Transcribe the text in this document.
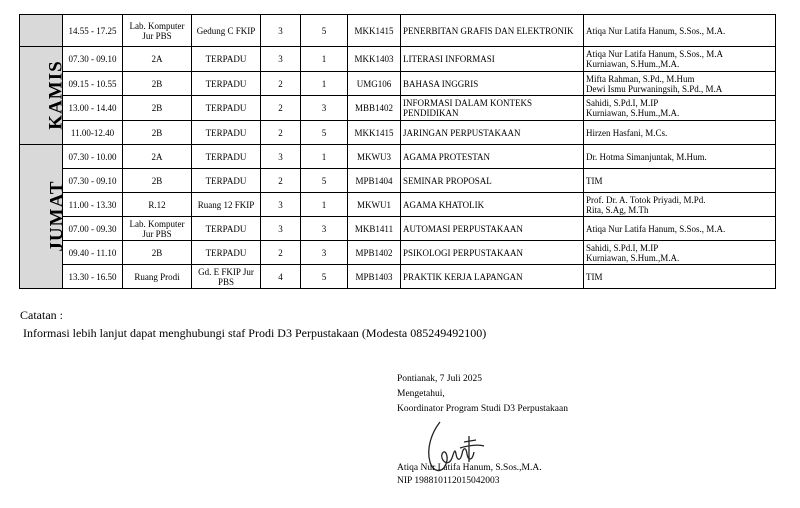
	14.55 - 17.25	Lab. Komputer Jur PBS	Gedung C FKIP	3	5	MKK1415	PENERBITAN GRAFIS DAN ELEKTRONIK	Atiqa Nur Latifa Hanum, S.Sos., M.A.
KAMIS	07.30 - 09.10	2A	TERPADU	3	1	MKK1403	LITERASI INFORMASI	Atiqa Nur Latifa Hanum, S.Sos., M.A
Kurniawan, S.Hum.,M.A.
	09.15 - 10.55	2B	TERPADU	2	1	UMG106	BAHASA INGGRIS	Mifta Rahman, S.Pd., M.Hum
Dewi Ismu Purwaningsih, S.Pd., M.A
	13.00 - 14.40	2B	TERPADU	2	3	MBB1402	INFORMASI DALAM KONTEKS PENDIDIKAN	Sahidi, S.Pd.I, M.IP
Kurniawan, S.Hum.,M.A.
	11.00-12.40	2B	TERPADU	2	5	MKK1415	JARINGAN PERPUSTAKAAN	Hirzen Hasfani, M.Cs.
JUMAT	07.30 - 10.00	2A	TERPADU	3	1	MKWU3	AGAMA PROTESTAN	Dr. Hotma Simanjuntak, M.Hum.
	07.30 - 09.10	2B	TERPADU	2	5	MPB1404	SEMINAR PROPOSAL	TIM
	11.00 - 13.30	R.12	Ruang 12 FKIP	3	1	MKWU1	AGAMA KHATOLIK	Prof. Dr. A. Totok Priyadi, M.Pd.
Rita, S.Ag, M.Th
	07.00 - 09.30	Lab. Komputer Jur PBS	TERPADU	3	3	MKB1411	AUTOMASI PERPUSTAKAAN	Atiqa Nur Latifa Hanum, S.Sos., M.A.
	09.40 - 11.10	2B	TERPADU	2	3	MPB1402	PSIKOLOGI PERPUSTAKAAN	Sahidi, S.Pd.I, M.IP
Kurniawan, S.Hum.,M.A.
	13.30 - 16.50	Ruang Prodi	Gd. E FKIP Jur PBS	4	5	MPB1403	PRAKTIK KERJA LAPANGAN	TIM
Catatan :
Informasi lebih lanjut dapat menghubungi staf Prodi D3 Perpustakaan (Modesta 085249492100)
Pontianak, 7 Juli 2025
Mengetahui,
Koordinator Program Studi D3 Perpustakaan
Atiqa Nur Latifa Hanum, S.Sos.,M.A.
NIP 198810112015042003
